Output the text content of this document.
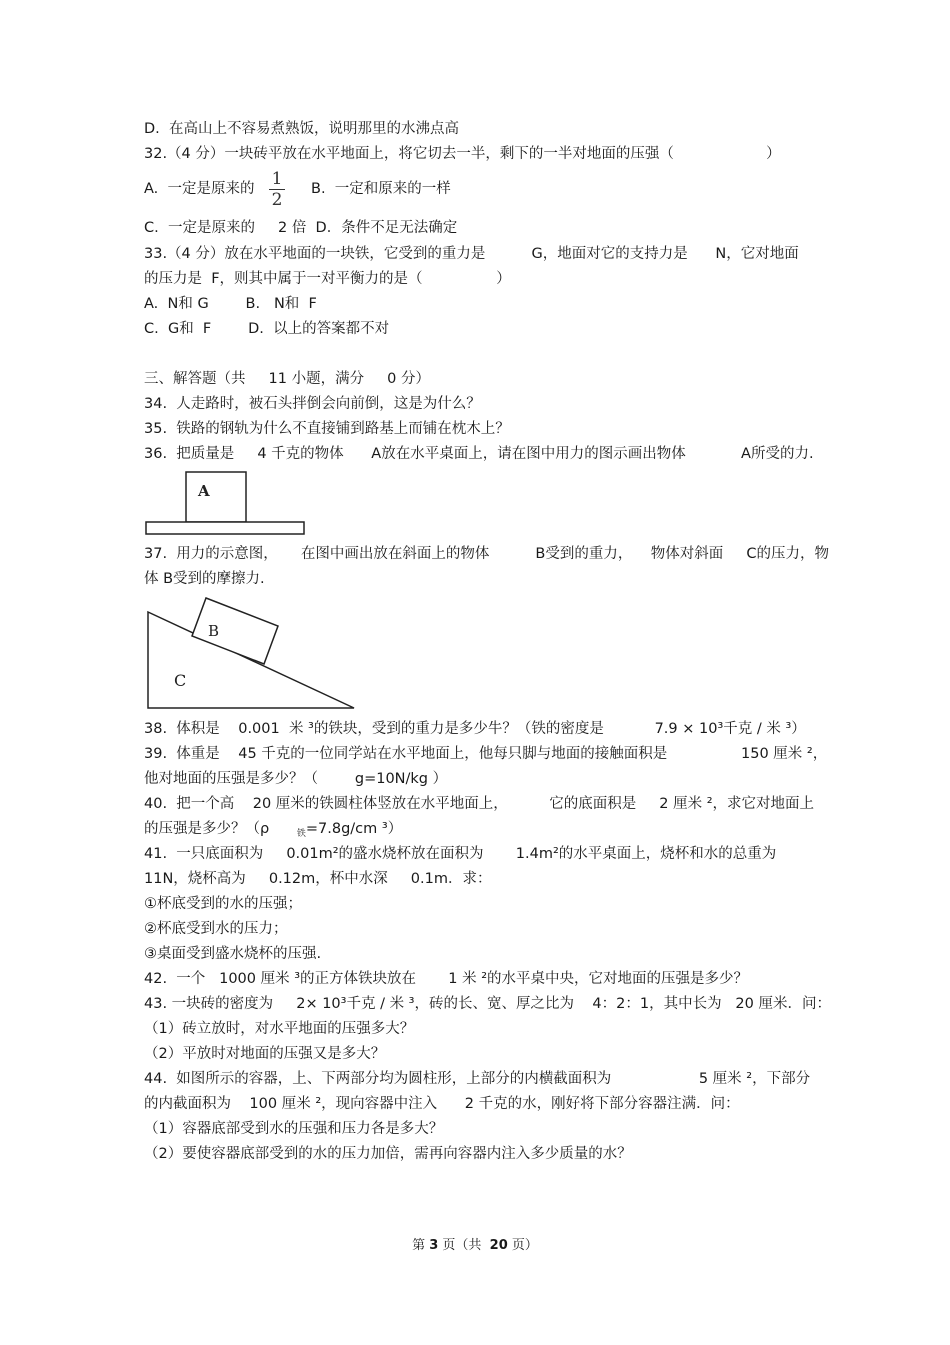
D.  在高山上不容易煮熟饭，说明那里的水沸点高
32.（4 分）一块砖平放在水平地面上，将它切去一半，剩下的一半对地面的压强（                    ）
A.  一定是原来的 1
2
B.  一定和原来的一样
C.  一定是原来的     2 倍  D．条件不足无法确定
33.（4 分）放在水平地面的一块铁，它受到的重力是          G，地面对它的支持力是      N，它对地面
的压力是  F，则其中属于一对平衡力的是（                ）
A.  N和 G        B.   N和  F
C.  G和  F        D.  以上的答案都不对
三、解答题（共     11 小题，满分     0 分）
34.  人走路时，被石头拌倒会向前倒，这是为什么？
35.  铁路的钢轨为什么不直接铺到路基上而铺在枕木上？
36.  把质量是     4 千克的物体      A放在水平桌面上，请在图中用力的图示画出物体            A所受的力.
A
37.  用力的示意图，     在图中画出放在斜面上的物体          B受到的重力，    物体对斜面     C的压力，物
体 B受到的摩擦力.
B
C
38.  体积是    0.001  米 ³的铁块，受到的重力是多少牛？（铁的密度是           7.9 × 10³千克 / 米 ³）
39.  体重是    45 千克的一位同学站在水平地面上，他每只脚与地面的接触面积是                150 厘米 ²，
他对地面的压强是多少？（        g=10N/kg ）
40.  把一个高    20 厘米的铁圆柱体竖放在水平地面上，         它的底面积是     2 厘米 ²，求它对地面上
的压强是多少？（ρ      $_铁$=7.8g/cm ³）
41.  一只底面积为     0.01m²的盛水烧杯放在面积为       1.4m²的水平桌面上，烧杯和水的总重为
11N，烧杯高为     0.12m，杯中水深     0.1m．求：
①杯底受到的水的压强；
②杯底受到水的压力；
③桌面受到盛水烧杯的压强.
42.  一个   1000 厘米 ³的正方体铁块放在       1 米 ²的水平桌中央，它对地面的压强是多少？
43. 一块砖的密度为     2× 10³千克 / 米 ³，砖的长、宽、厚之比为    4：2：1，其中长为   20 厘米．问：
（1）砖立放时，对水平地面的压强多大？
（2）平放时对地面的压强又是多大？
44.  如图所示的容器，上、下两部分均为圆柱形，上部分的内横截面积为                   5 厘米 ²，下部分
的内截面积为    100 厘米 ²，现向容器中注入      2 千克的水，刚好将下部分容器注满．问：
（1）容器底部受到水的压强和压力各是多大？
（2）要使容器底部受到的水的压力加倍，需再向容器内注入多少质量的水？
第 3 页（共  20 页）
